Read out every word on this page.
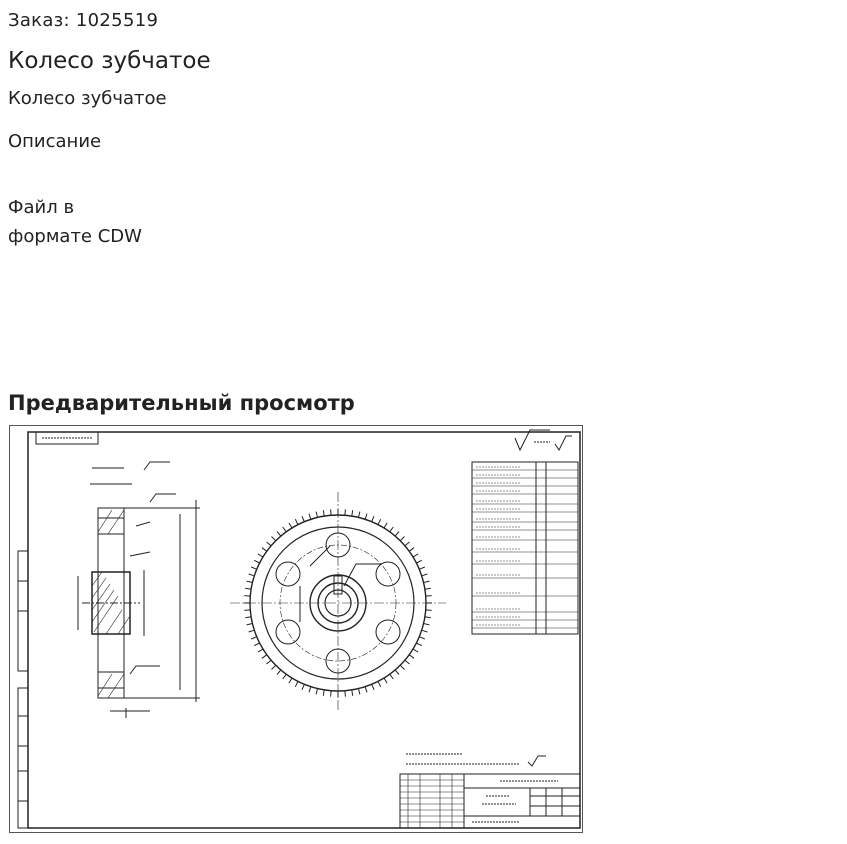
Заказ: 1025519
Колесо зубчатое
Колесо зубчатое
Описание
Файл в
формате CDW
Предварительный просмотр
